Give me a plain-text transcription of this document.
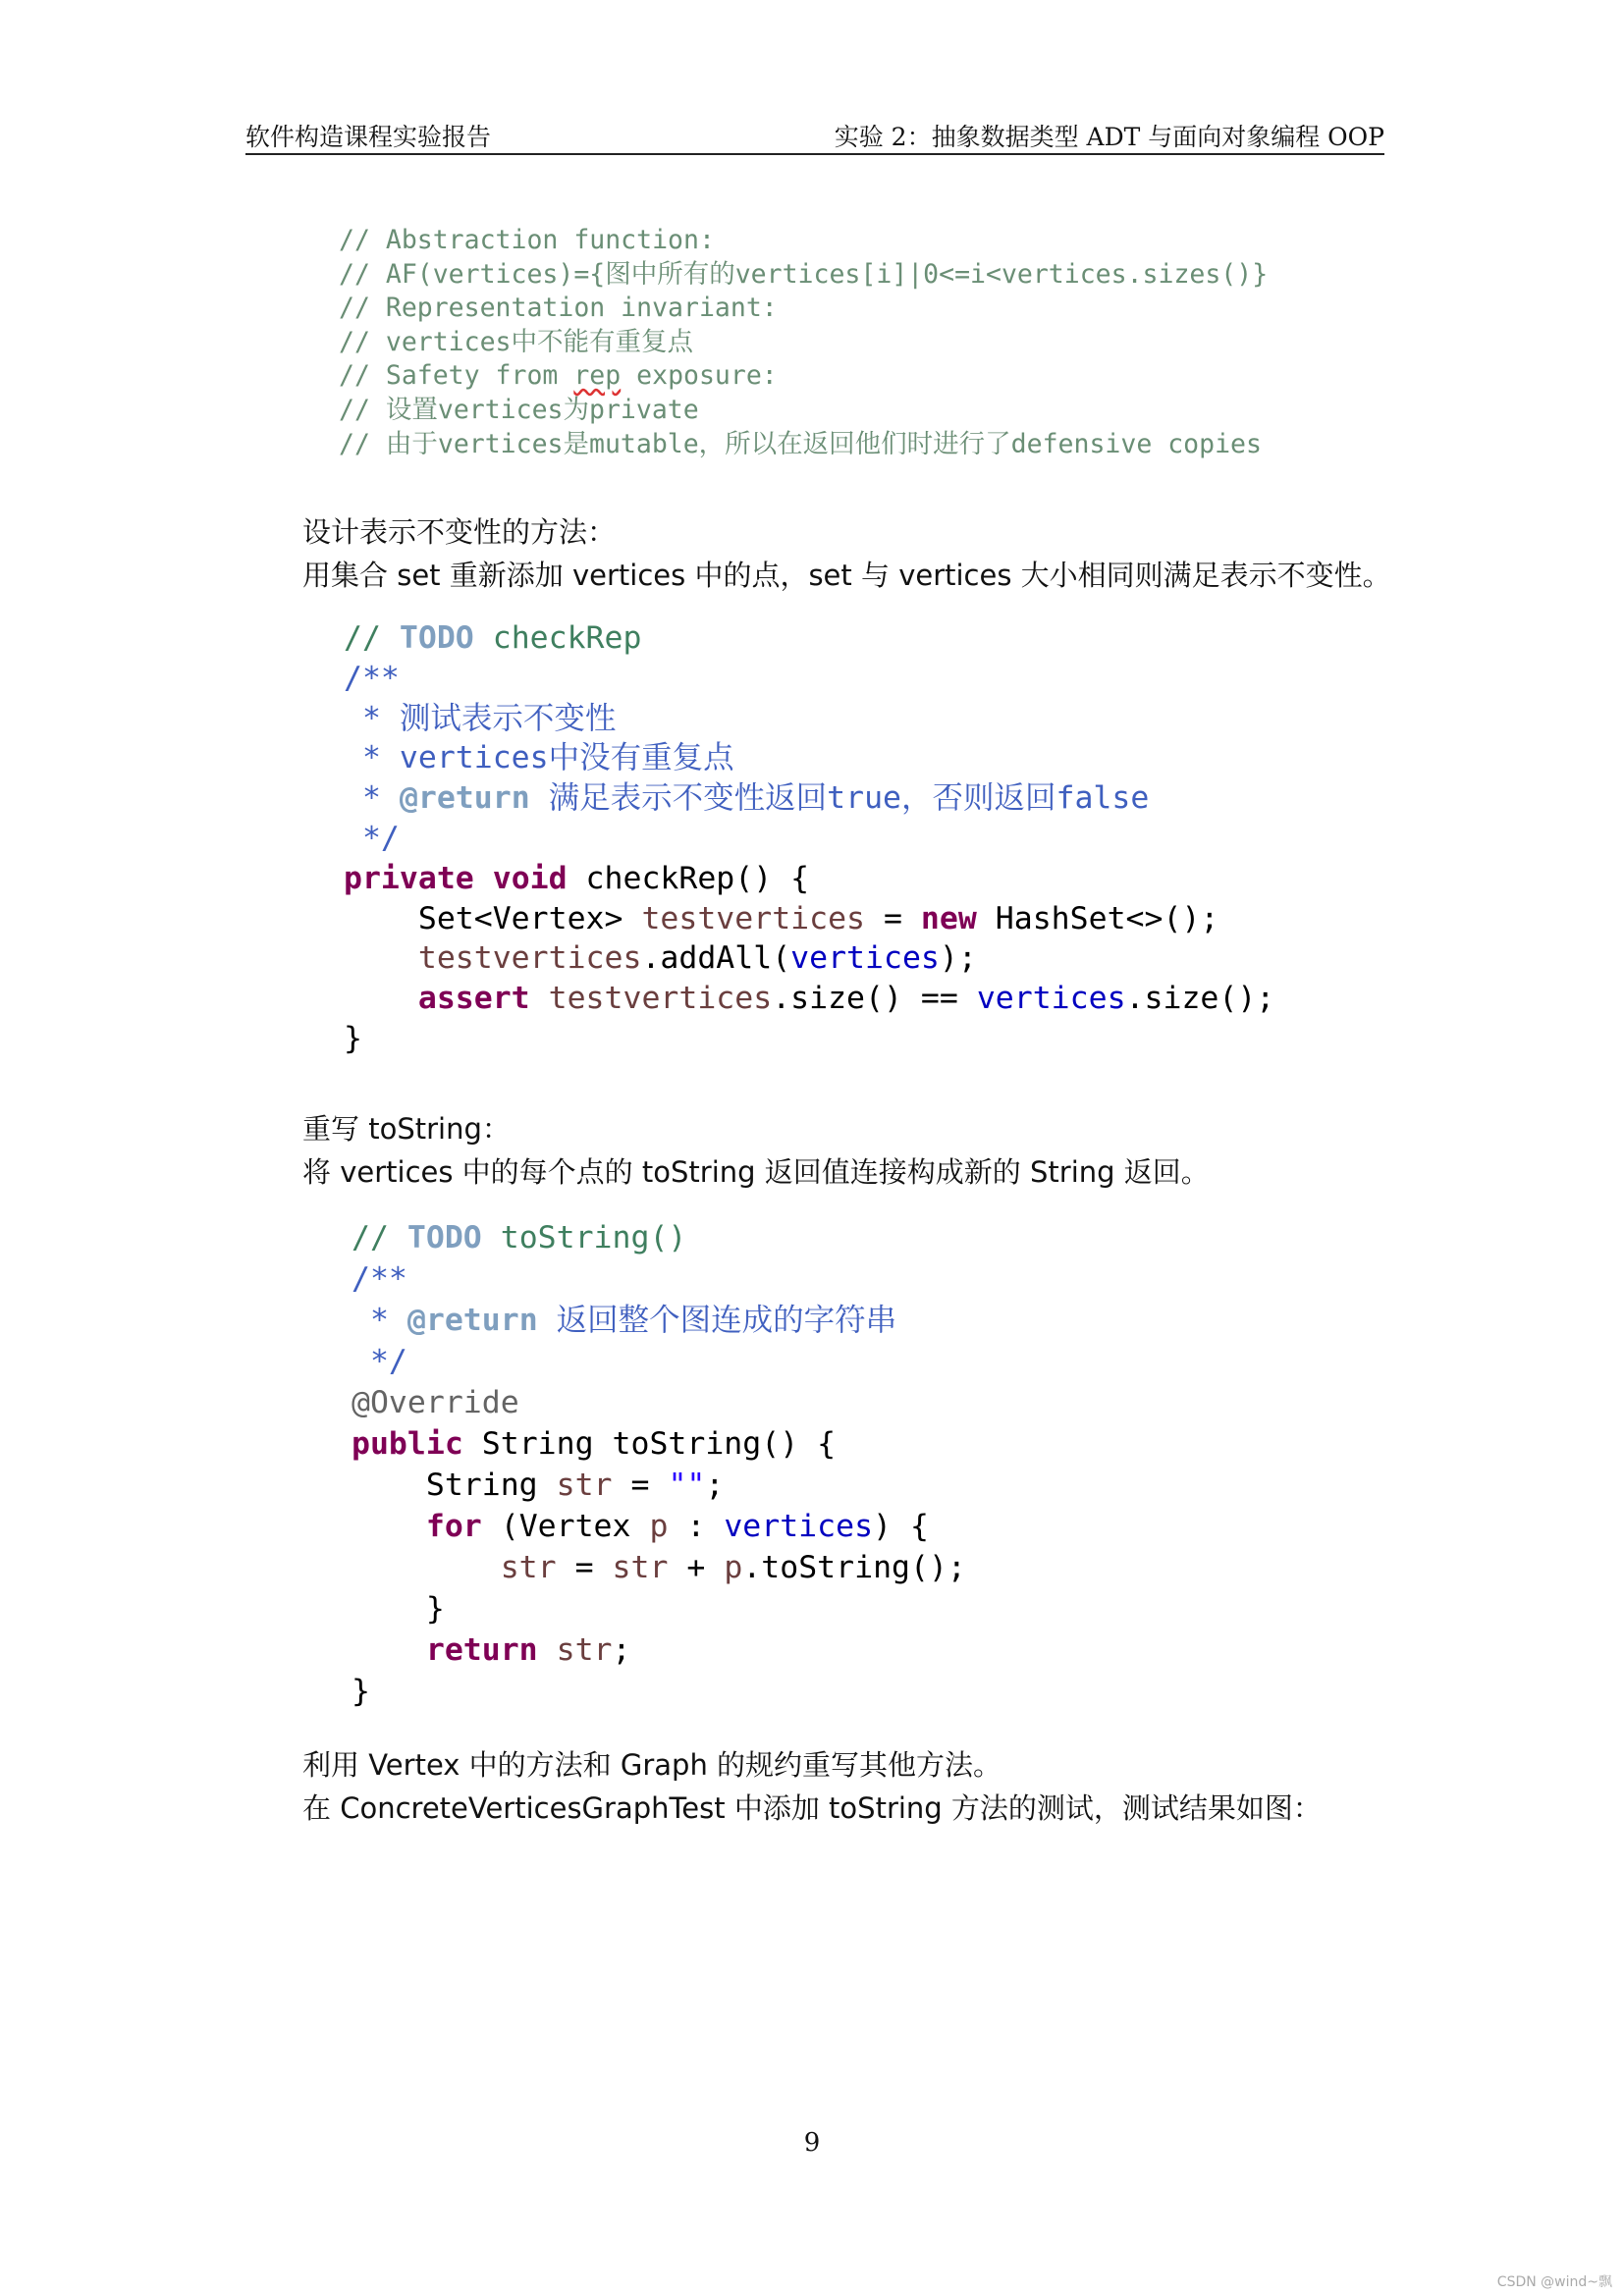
软件构造课程实验报告	实验 2：抽象数据类型 ADT 与面向对象编程 OOP
// Abstraction function:
// AF(vertices)={图中所有的vertices[i]|0<=i<vertices.sizes()}
// Representation invariant:
// vertices中不能有重复点
// Safety from rep exposure:
// 设置vertices为private
// 由于vertices是mutable，所以在返回他们时进行了defensive copies
设计表示不变性的方法：
用集合 set 重新添加 vertices 中的点，set 与 vertices 大小相同则满足表示不变性。
// TODO checkRep
/**
* 测试表示不变性
* vertices中没有重复点
* @return 满足表示不变性返回true，否则返回false
*/
private void checkRep() {
Set<Vertex> testvertices = new HashSet<>();
testvertices.addAll(vertices);
assert testvertices.size() == vertices.size();
}
重写 toString：
将 vertices 中的每个点的 toString 返回值连接构成新的 String 返回。
// TODO toString()
/**
* @return 返回整个图连成的字符串
*/
@Override
public String toString() {
String str = "";
for (Vertex p : vertices) {
str = str + p.toString();
}
return str;
}
利用 Vertex 中的方法和 Graph 的规约重写其他方法。
在 ConcreteVerticesGraphTest 中添加 toString 方法的测试，测试结果如图：
9
CSDN @wind~飘
